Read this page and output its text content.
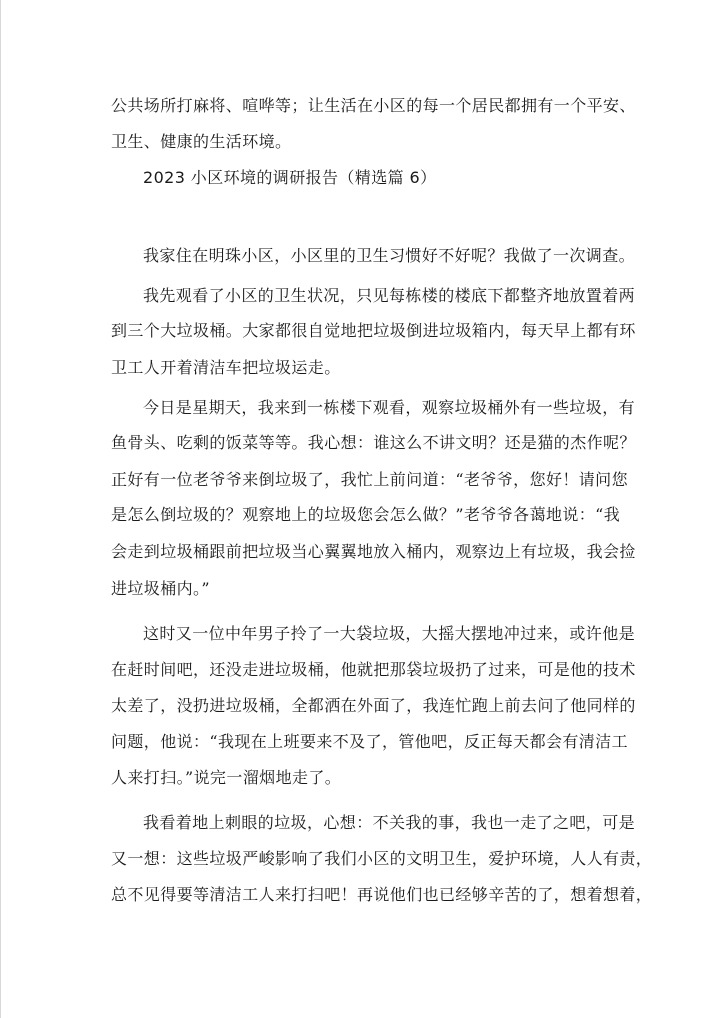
公共场所打麻将、喧哗等；让生活在小区的每一个居民都拥有一个平安、
卫生、健康的生活环境。
2023 小区环境的调研报告（精选篇 6）
我家住在明珠小区，小区里的卫生习惯好不好呢？我做了一次调查。
我先观看了小区的卫生状况，只见每栋楼的楼底下都整齐地放置着两
到三个大垃圾桶。大家都很自觉地把垃圾倒进垃圾箱内，每天早上都有环
卫工人开着清洁车把垃圾运走。
今日是星期天，我来到一栋楼下观看，观察垃圾桶外有一些垃圾，有
鱼骨头、吃剩的饭菜等等。我心想：谁这么不讲文明？还是猫的杰作呢？
正好有一位老爷爷来倒垃圾了，我忙上前问道：“老爷爷，您好！请问您
是怎么倒垃圾的？观察地上的垃圾您会怎么做？”老爷爷各蔼地说：“我
会走到垃圾桶跟前把垃圾当心翼翼地放入桶内，观察边上有垃圾，我会捡
进垃圾桶内。”
这时又一位中年男子拎了一大袋垃圾，大摇大摆地冲过来，或许他是
在赶时间吧，还没走进垃圾桶，他就把那袋垃圾扔了过来，可是他的技术
太差了，没扔进垃圾桶，全都洒在外面了，我连忙跑上前去问了他同样的
问题，他说：“我现在上班要来不及了，管他吧，反正每天都会有清洁工
人来打扫。”说完一溜烟地走了。
我看着地上刺眼的垃圾，心想：不关我的事，我也一走了之吧，可是
又一想：这些垃圾严峻影响了我们小区的文明卫生，爱护环境，人人有责，
总不见得要等清洁工人来打扫吧！再说他们也已经够辛苦的了，想着想着，
